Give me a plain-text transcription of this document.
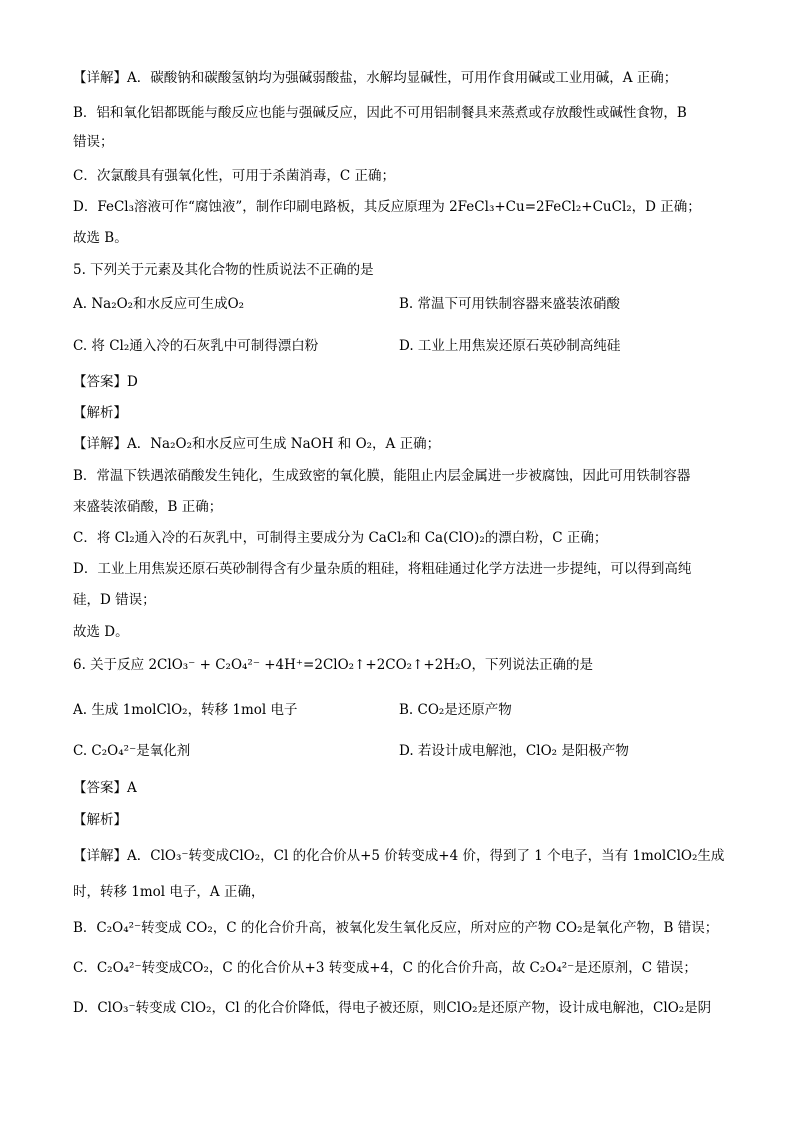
【详解】A．碳酸钠和碳酸氢钠均为强碱弱酸盐，水解均显碱性，可用作食用碱或工业用碱，A 正确；
B．铝和氧化铝都既能与酸反应也能与强碱反应，因此不可用铝制餐具来蒸煮或存放酸性或碱性食物，B
错误；
C．次氯酸具有强氧化性，可用于杀菌消毒，C 正确；
D．FeCl₃溶液可作“腐蚀液”，制作印刷电路板，其反应原理为 2FeCl₃+Cu=2FeCl₂+CuCl₂，D 正确；
故选 B。
5. 下列关于元素及其化合物的性质说法不正确的是
A. Na₂O₂和水反应可生成O₂	B. 常温下可用铁制容器来盛装浓硝酸
C. 将 Cl₂通入冷的石灰乳中可制得漂白粉	D. 工业上用焦炭还原石英砂制高纯硅
【答案】D
【解析】
【详解】A．Na₂O₂和水反应可生成 NaOH 和 O₂，A 正确；
B．常温下铁遇浓硝酸发生钝化，生成致密的氧化膜，能阻止内层金属进一步被腐蚀，因此可用铁制容器
来盛装浓硝酸，B 正确；
C．将 Cl₂通入冷的石灰乳中，可制得主要成分为 CaCl₂和 Ca(ClO)₂的漂白粉，C 正确；
D．工业上用焦炭还原石英砂制得含有少量杂质的粗硅，将粗硅通过化学方法进一步提纯，可以得到高纯
硅，D 错误；
故选 D。
6. 关于反应 2ClO₃⁻ + C₂O₄²⁻ +4H⁺=2ClO₂↑+2CO₂↑+2H₂O，下列说法正确的是
A. 生成 1molClO₂，转移 1mol 电子	B. CO₂是还原产物
C. C₂O₄²⁻是氧化剂	D. 若设计成电解池，ClO₂ 是阳极产物
【答案】A
【解析】
【详解】A．ClO₃⁻转变成ClO₂，Cl 的化合价从+5 价转变成+4 价，得到了 1 个电子，当有 1molClO₂生成
时，转移 1mol 电子，A 正确，
B．C₂O₄²⁻转变成 CO₂，C 的化合价升高，被氧化发生氧化反应，所对应的产物 CO₂是氧化产物，B 错误；
C．C₂O₄²⁻转变成CO₂，C 的化合价从+3 转变成+4，C 的化合价升高，故 C₂O₄²⁻是还原剂，C 错误；
D．ClO₃⁻转变成 ClO₂，Cl 的化合价降低，得电子被还原，则ClO₂是还原产物，设计成电解池，ClO₂是阴
